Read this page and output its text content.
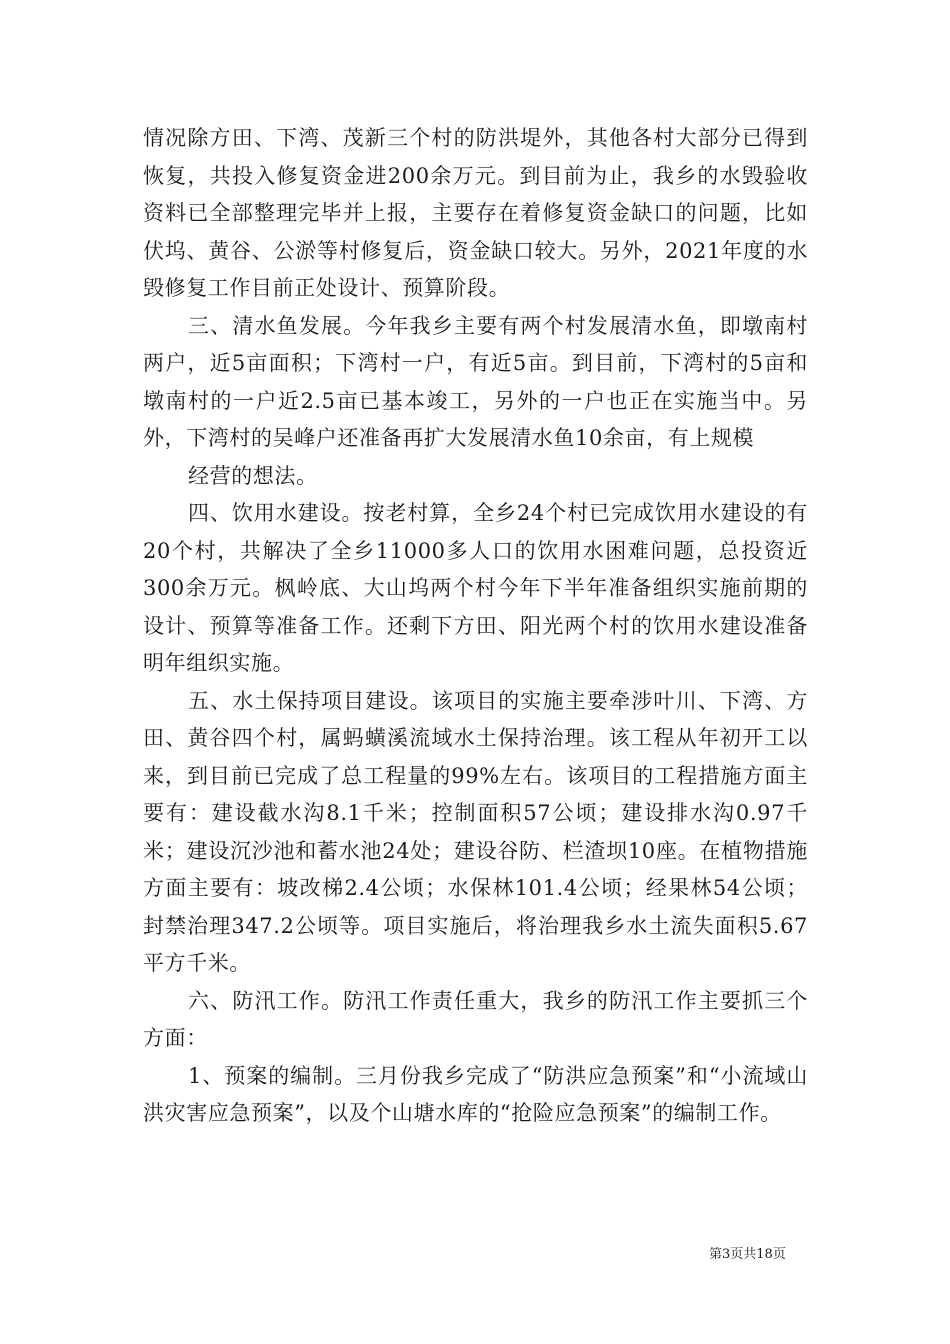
情况除方田、下湾、茂新三个村的防洪堤外，其他各村大部分已得到恢复，共投入修复资金进200余万元。到目前为止，我乡的水毁验收资料已全部整理完毕并上报，主要存在着修复资金缺口的问题，比如伏坞、黄谷、公淤等村修复后，资金缺口较大。另外，2021年度的水毁修复工作目前正处设计、预算阶段。

三、清水鱼发展。今年我乡主要有两个村发展清水鱼，即墩南村两户，近5亩面积；下湾村一户，有近5亩。到目前，下湾村的5亩和墩南村的一户近2.5亩已基本竣工，另外的一户也正在实施当中。另外，下湾村的吴峰户还准备再扩大发展清水鱼10余亩，有上规模

经营的想法。

四、饮用水建设。按老村算，全乡24个村已完成饮用水建设的有20个村，共解决了全乡11000多人口的饮用水困难问题，总投资近300余万元。枫岭底、大山坞两个村今年下半年准备组织实施前期的设计、预算等准备工作。还剩下方田、阳光两个村的饮用水建设准备明年组织实施。

五、水土保持项目建设。该项目的实施主要牵涉叶川、下湾、方田、黄谷四个村，属蚂蟥溪流域水土保持治理。该工程从年初开工以来，到目前已完成了总工程量的99%左右。该项目的工程措施方面主要有：建设截水沟8.1千米；控制面积57公顷；建设排水沟0.97千米；建设沉沙池和蓄水池24处；建设谷防、栏渣坝10座。在植物措施方面主要有：坡改梯2.4公顷；水保林101.4公顷；经果林54公顷；封禁治理347.2公顷等。项目实施后，将治理我乡水土流失面积5.67平方千米。

六、防汛工作。防汛工作责任重大，我乡的防汛工作主要抓三个方面：

1、预案的编制。三月份我乡完成了“防洪应急预案”和“小流域山洪灾害应急预案”，以及个山塘水库的“抢险应急预案”的编制工作。

第3页共18页
